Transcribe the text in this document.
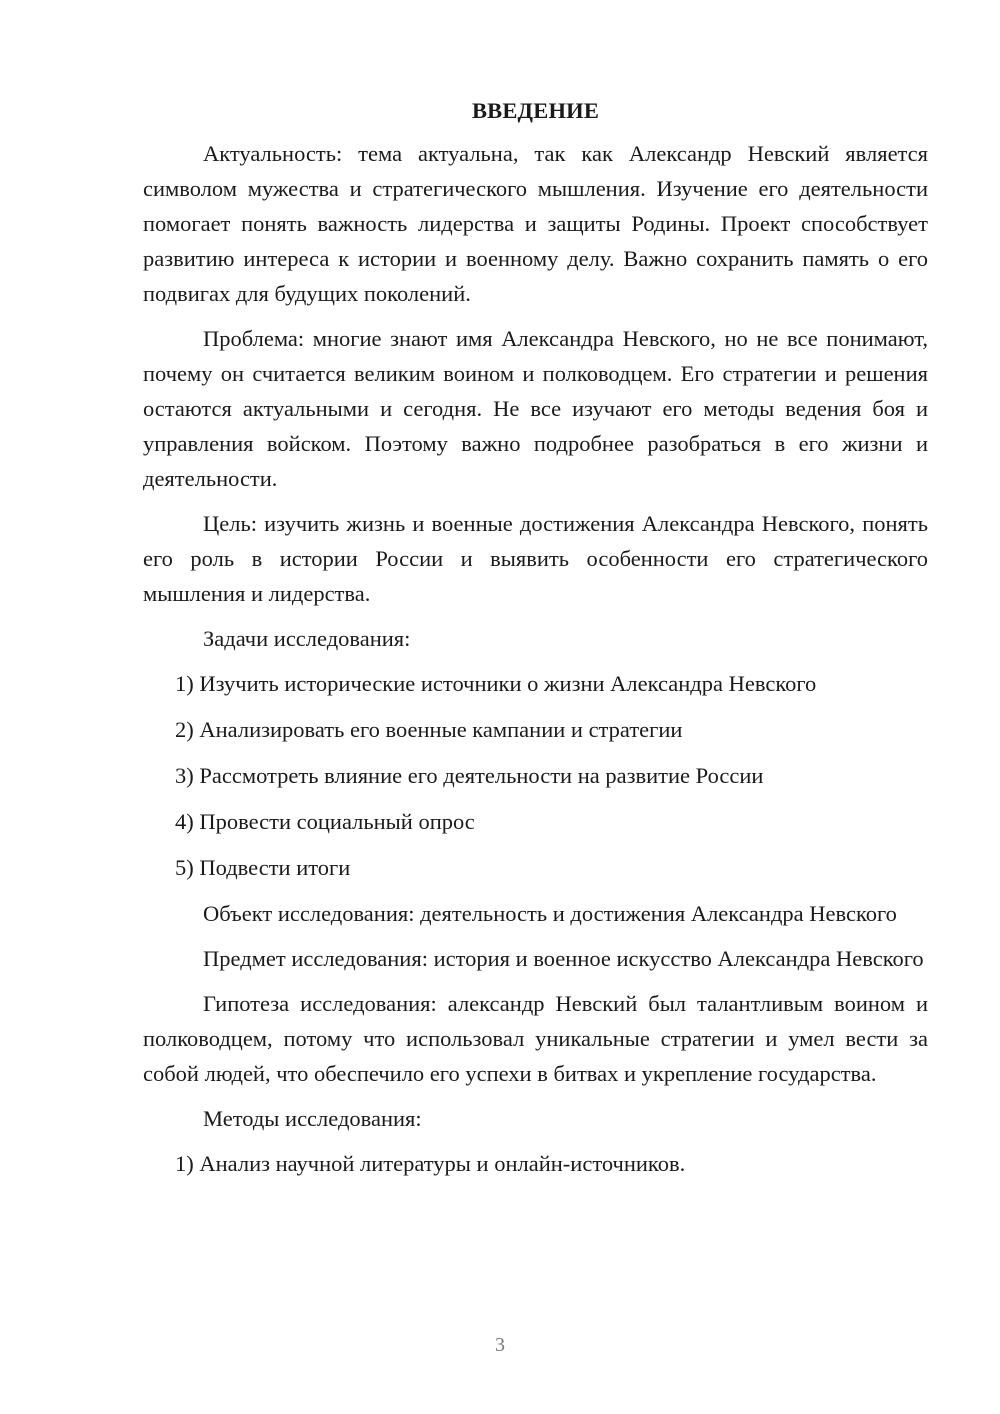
ВВЕДЕНИЕ

Актуальность: тема актуальна, так как Александр Невский является символом мужества и стратегического мышления. Изучение его деятельности помогает понять важность лидерства и защиты Родины. Проект способствует развитию интереса к истории и военному делу. Важно сохранить память о его подвигах для будущих поколений.

Проблема: многие знают имя Александра Невского, но не все понимают, почему он считается великим воином и полководцем. Его стратегии и решения остаются актуальными и сегодня. Не все изучают его методы ведения боя и управления войском. Поэтому важно подробнее разобраться в его жизни и деятельности.

Цель: изучить жизнь и военные достижения Александра Невского, понять его роль в истории России и выявить особенности его стратегического мышления и лидерства.

Задачи исследования:

1) Изучить исторические источники о жизни Александра Невского
2) Анализировать его военные кампании и стратегии
3) Рассмотреть влияние его деятельности на развитие России
4) Провести социальный опрос
5) Подвести итоги

Объект исследования: деятельность и достижения Александра Невского

Предмет исследования: история и военное искусство Александра Невского

Гипотеза исследования: александр Невский был талантливым воином и полководцем, потому что использовал уникальные стратегии и умел вести за собой людей, что обеспечило его успехи в битвах и укрепление государства.

Методы исследования:

1) Анализ научной литературы и онлайн-источников.
3
